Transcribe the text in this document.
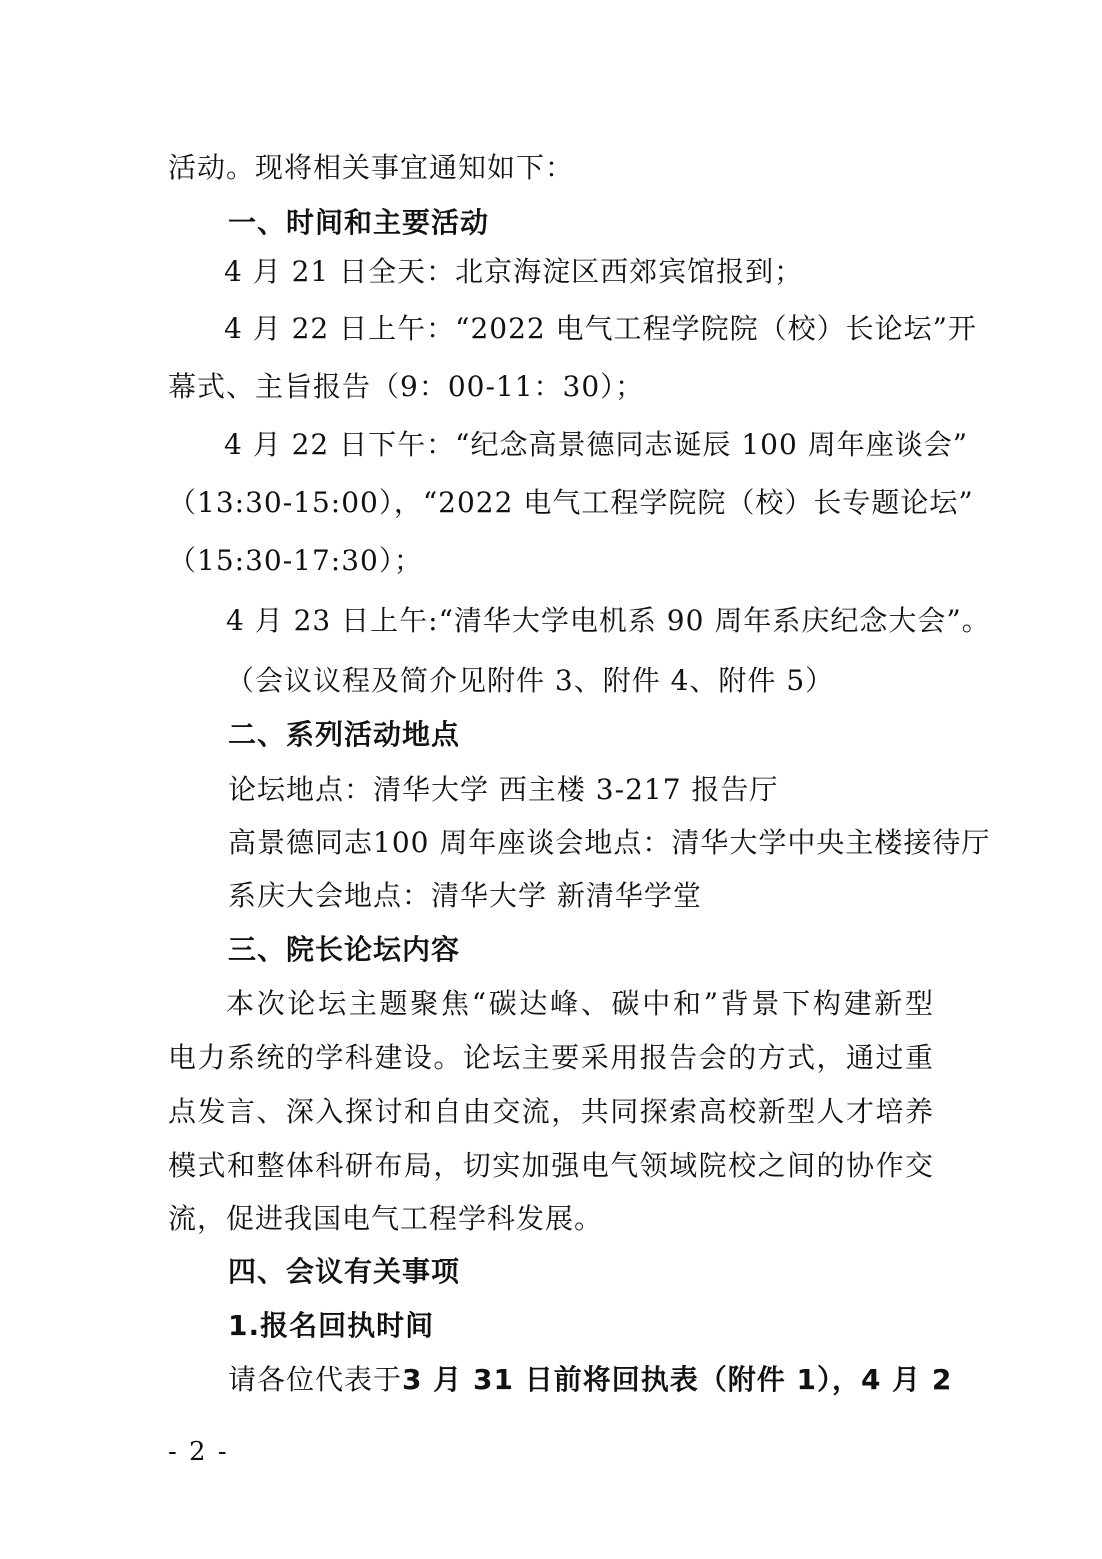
活动。现将相关事宜通知如下：
一、时间和主要活动
4 月 21 日全天：北京海淀区西郊宾馆报到；
4 月 22 日上午：“2022 电气工程学院院（校）长论坛”开
幕式、主旨报告（9：00-11：30）；
4 月 22 日下午：“纪念高景德同志诞辰 100 周年座谈会”
（13:30-15:00），“2022 电气工程学院院（校）长专题论坛”
（15:30-17:30）；
4 月 23 日上午:“清华大学电机系 90 周年系庆纪念大会”。
（会议议程及简介见附件 3、附件 4、附件 5）
二、系列活动地点
论坛地点：清华大学 西主楼 3-217 报告厅
高景德同志100 周年座谈会地点：清华大学中央主楼接待厅
系庆大会地点：清华大学 新清华学堂
三、院长论坛内容
本次论坛主题聚焦“碳达峰、碳中和”背景下构建新型
电力系统的学科建设。论坛主要采用报告会的方式，通过重
点发言、深入探讨和自由交流，共同探索高校新型人才培养
模式和整体科研布局，切实加强电气领域院校之间的协作交
流，促进我国电气工程学科发展。
四、会议有关事项
1.报名回执时间
请各位代表于3 月 31 日前将回执表（附件 1），4 月 2
- 2 -
